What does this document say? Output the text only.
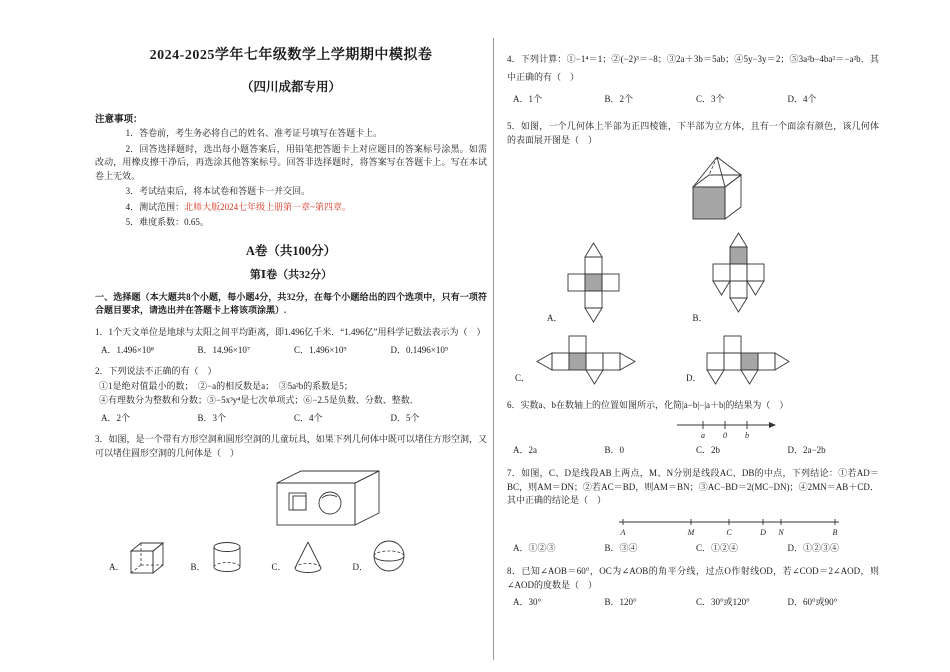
2024-2025学年七年级数学上学期期中模拟卷
（四川成都专用）
注意事项：

1．答卷前，考生务必将自己的姓名、准考证号填写在答题卡上。

2．回答选择题时，选出每小题答案后，用铅笔把答题卡上对应题目的答案标号涂黑。如需改动，用橡皮擦干净后，再选涂其他答案标号。回答非选择题时，将答案写在答题卡上。写在本试卷上无效。

3．考试结束后，将本试卷和答题卡一并交回。

4．测试范围：北师大版2024七年级上册第一章~第四章。

5．难度系数：0.65。

A卷（共100分）
第Ⅰ卷（共32分）

一、选择题（本大题共8个小题，每小题4分，共32分，在每个小题给出的四个选项中，只有一项符合题目要求，请选出并在答题卡上将该项涂黑）.

1．1个天文单位是地球与太阳之间平均距离，即1.496亿千米．“1.496亿”用科学记数法表示为（　）

A．1.496×10⁸	B．14.96×10⁷	C．1.496×10⁹	D．0.1496×10⁹

2．下列说法不正确的有（　）

①1是绝对值最小的数；　②−a的相反数是a；　③5a²b的系数是5；

④有理数分为整数和分数；⑤−5x³y⁴是七次单项式；⑥−2.5是负数、分数、整数．

A．2个	B．3个	C．4个	D．5个

3．如图，是一个带有方形空洞和圆形空洞的儿童玩具，如果下列几何体中既可以堵住方形空洞，又可以堵住圆形空洞的几何体是（　）

A．	B．	C．	D．

4．下列计算：①−1⁴＝1；②(−2)³＝−8；③2a＋3b＝5ab；④5y−3y＝2；⑤3a²b−4ba²＝−a²b．其中正确的有（　）

A．1个	B．2个	C．3个	D．4个

5．如图，一个几何体上半部为正四棱锥，下半部为立方体，且有一个面涂有颜色，该几何体的表面展开图是（　）

A．	B．
C．	D．

6．实数a、b在数轴上的位置如图所示，化简|a−b|−|a＋b|的结果为（　）

a 0 b
A．2a	B．0	C．2b	D．2a−2b

7．如图，C、D是线段AB上两点，M、N分别是线段AC、DB的中点，下列结论：①若AD＝BC，则AM＝DN；②若AC＝BD，则AM＝BN；③AC−BD＝2(MC−DN)；④2MN＝AB＋CD．其中正确的结论是（　）

A	M	C	D N	B
A．①②③	B．③④	C．①②④	D．①②③④

8．已知∠AOB＝60°，OC为∠AOB的角平分线，过点O作射线OD，若∠COD＝2∠AOD，则∠AOD的度数是（　）

A．30°	B．120°	C．30°或120°	D．60°或90°
